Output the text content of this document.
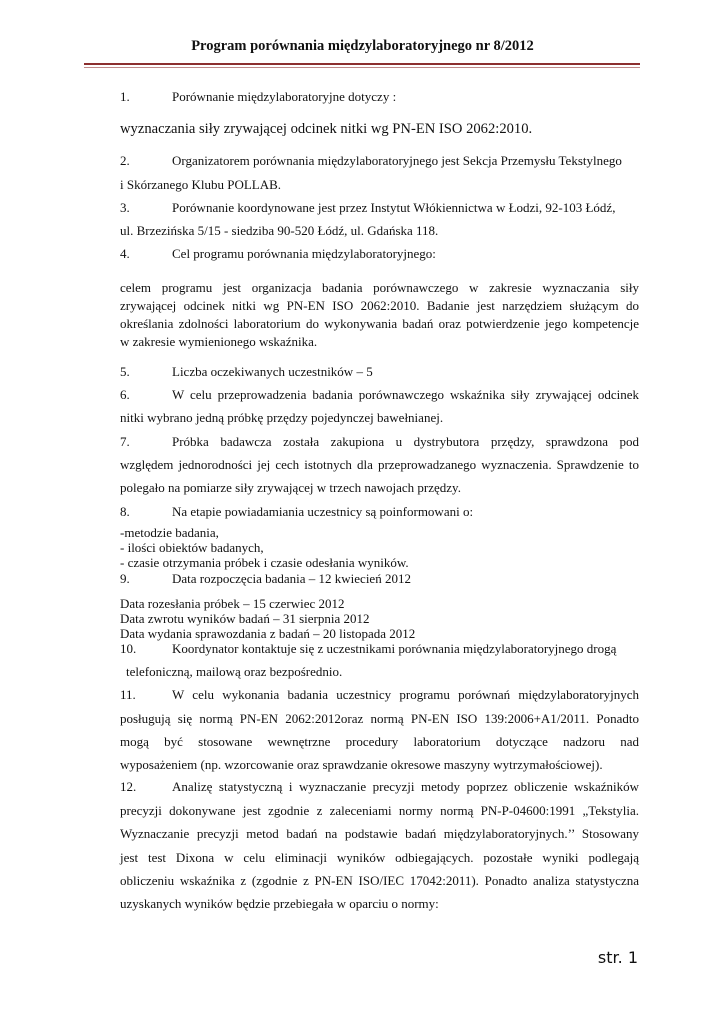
Program porównania międzylaboratoryjnego nr 8/2012
1.	Porównanie międzylaboratoryjne dotyczy :
wyznaczania siły zrywającej odcinek nitki wg PN-EN ISO 2062:2010.
2.	Organizatorem porównania międzylaboratoryjnego jest Sekcja Przemysłu Tekstylnego
i Skórzanego Klubu POLLAB.
3.	Porównanie koordynowane jest przez Instytut Włókiennictwa w Łodzi, 92-103 Łódź,
ul. Brzezińska 5/15 - siedziba 90-520 Łódź, ul. Gdańska 118.
4.	Cel programu porównania międzylaboratoryjnego:
celem programu jest organizacja badania porównawczego w zakresie wyznaczania siły
zrywającej odcinek nitki wg PN-EN ISO 2062:2010. Badanie jest narzędziem służącym do
określania zdolności laboratorium do wykonywania badań oraz potwierdzenie jego kompetencje
w zakresie wymienionego wskaźnika.
5.	Liczba oczekiwanych uczestników – 5
6.	W celu przeprowadzenia badania porównawczego wskaźnika siły zrywającej odcinek
nitki wybrano jedną próbkę przędzy pojedynczej bawełnianej.
7.	Próbka badawcza została zakupiona u dystrybutora przędzy, sprawdzona pod
względem jednorodności jej cech istotnych dla przeprowadzanego wyznaczenia. Sprawdzenie to
polegało na pomiarze siły zrywającej w trzech nawojach przędzy.
8.	Na etapie powiadamiania uczestnicy są poinformowani o:
-metodzie badania,
- ilości obiektów badanych,
- czasie otrzymania próbek i czasie odesłania wyników.
9.	Data rozpoczęcia badania – 12 kwiecień 2012
Data rozesłania próbek – 15 czerwiec 2012
Data zwrotu wyników badań – 31 sierpnia 2012
Data wydania sprawozdania z badań – 20 listopada 2012
10.	Koordynator kontaktuje się z uczestnikami porównania międzylaboratoryjnego drogą
telefoniczną, mailową oraz bezpośrednio.
11.	W celu wykonania badania uczestnicy programu porównań międzylaboratoryjnych
posługują się normą PN-EN 2062:2012oraz normą PN-EN ISO 139:2006+A1/2011. Ponadto
mogą być stosowane wewnętrzne procedury laboratorium dotyczące nadzoru nad
wyposażeniem (np. wzorcowanie oraz sprawdzanie okresowe maszyny wytrzymałościowej).
12.	Analizę statystyczną i wyznaczanie precyzji metody poprzez obliczenie wskaźników
precyzji dokonywane jest zgodnie z zaleceniami normy normą PN-P-04600:1991 „Tekstylia.
Wyznaczanie precyzji metod badań na podstawie badań międzylaboratoryjnych.’’ Stosowany
jest test Dixona w celu eliminacji wyników odbiegających. pozostałe wyniki podlegają
obliczeniu wskaźnika z (zgodnie z PN-EN ISO/IEC 17042:2011). Ponadto analiza statystyczna
uzyskanych wyników będzie przebiegała w oparciu o normy:
str. 1
